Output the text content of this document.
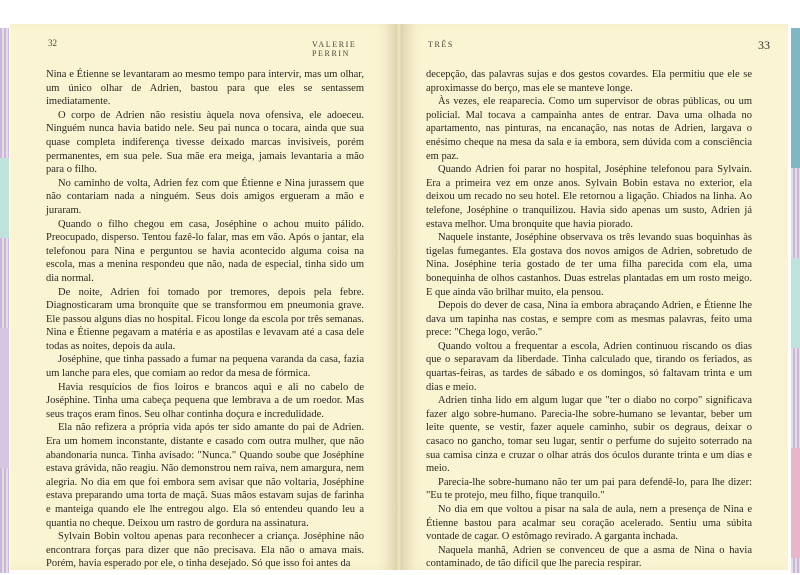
32	VALERIE PERRIN

Nina e Étienne se levantaram ao mesmo tempo para intervir, mas um olhar, um único olhar de Adrien, bastou para que eles se sentassem imediatamente.

O corpo de Adrien não resistiu àquela nova ofensiva, ele adoeceu. Ninguém nunca havia batido nele. Seu pai nunca o tocara, ainda que sua quase completa indiferença tivesse deixado marcas invisíveis, porém permanentes, em sua pele. Sua mãe era meiga, jamais levantaria a mão para o filho.

No caminho de volta, Adrien fez com que Étienne e Nina jurassem que não contariam nada a ninguém. Seus dois amigos ergueram a mão e juraram.

Quando o filho chegou em casa, Joséphine o achou muito pálido. Preocupado, disperso. Tentou fazê-lo falar, mas em vão. Após o jantar, ela telefonou para Nina e perguntou se havia acontecido alguma coisa na escola, mas a menina respondeu que não, nada de especial, tinha sido um dia normal.

De noite, Adrien foi tomado por tremores, depois pela febre. Diagnosticaram uma bronquite que se transformou em pneumonia grave. Ele passou alguns dias no hospital. Ficou longe da escola por três semanas. Nina e Étienne pegavam a matéria e as apostilas e levavam até a casa dele todas as noites, depois da aula.

Joséphine, que tinha passado a fumar na pequena varanda da casa, fazia um lanche para eles, que comiam ao redor da mesa de fórmica.

Havia resquícios de fios loiros e brancos aqui e ali no cabelo de Joséphine. Tinha uma cabeça pequena que lembrava a de um roedor. Mas seus traços eram finos. Seu olhar continha doçura e incredulidade.

Ela não refizera a própria vida após ter sido amante do pai de Adrien. Era um homem inconstante, distante e casado com outra mulher, que não abandonaria nunca. Tinha avisado: "Nunca." Quando soube que Joséphine estava grávida, não reagiu. Não demonstrou nem raiva, nem amargura, nem alegria. No dia em que foi embora sem avisar que não voltaria, Joséphine estava preparando uma torta de maçã. Suas mãos estavam sujas de farinha e manteiga quando ele lhe entregou algo. Ela só entendeu quando leu a quantia no cheque. Deixou um rastro de gordura na assinatura.

Sylvain Bobin voltou apenas para reconhecer a criança. Joséphine não encontrara forças para dizer que não precisava. Ela não o amava mais. Porém, havia esperado por ele, o tinha desejado. Só que isso foi antes da

TRÊS	33

decepção, das palavras sujas e dos gestos covardes. Ela permitiu que ele se aproximasse do berço, mas ele se manteve longe.

Às vezes, ele reaparecia. Como um supervisor de obras públicas, ou um policial. Mal tocava a campainha antes de entrar. Dava uma olhada no apartamento, nas pinturas, na encanação, nas notas de Adrien, largava o enésimo cheque na mesa da sala e ia embora, sem dúvida com a consciência em paz.

Quando Adrien foi parar no hospital, Joséphine telefonou para Sylvain. Era a primeira vez em onze anos. Sylvain Bobin estava no exterior, ela deixou um recado no seu hotel. Ele retornou a ligação. Chiados na linha. Ao telefone, Joséphine o tranquilizou. Havia sido apenas um susto, Adrien já estava melhor. Uma bronquite que havia piorado.

Naquele instante, Joséphine observava os três levando suas boquinhas às tigelas fumegantes. Ela gostava dos novos amigos de Adrien, sobretudo de Nina. Joséphine teria gostado de ter uma filha parecida com ela, uma bonequinha de olhos castanhos. Duas estrelas plantadas em um rosto meigo. E que ainda vão brilhar muito, ela pensou.

Depois do dever de casa, Nina ia embora abraçando Adrien, e Étienne lhe dava um tapinha nas costas, e sempre com as mesmas palavras, feito uma prece: "Chega logo, verão."

Quando voltou a frequentar a escola, Adrien continuou riscando os dias que o separavam da liberdade. Tinha calculado que, tirando os feriados, as quartas-feiras, as tardes de sábado e os domingos, só faltavam trinta e um dias e meio.

Adrien tinha lido em algum lugar que "ter o diabo no corpo" significava fazer algo sobre-humano. Parecia-lhe sobre-humano se levantar, beber um leite quente, se vestir, fazer aquele caminho, subir os degraus, deixar o casaco no gancho, tomar seu lugar, sentir o perfume do sujeito soterrado na sua camisa cinza e cruzar o olhar atrás dos óculos durante trinta e um dias e meio.

Parecia-lhe sobre-humano não ter um pai para defendê-lo, para lhe dizer: "Eu te protejo, meu filho, fique tranquilo."

No dia em que voltou a pisar na sala de aula, nem a presença de Nina e Étienne bastou para acalmar seu coração acelerado. Sentiu uma súbita vontade de cagar. O estômago revirado. A garganta inchada.

Naquela manhã, Adrien se convenceu de que a asma de Nina o havia contaminado, de tão difícil que lhe parecia respirar.
